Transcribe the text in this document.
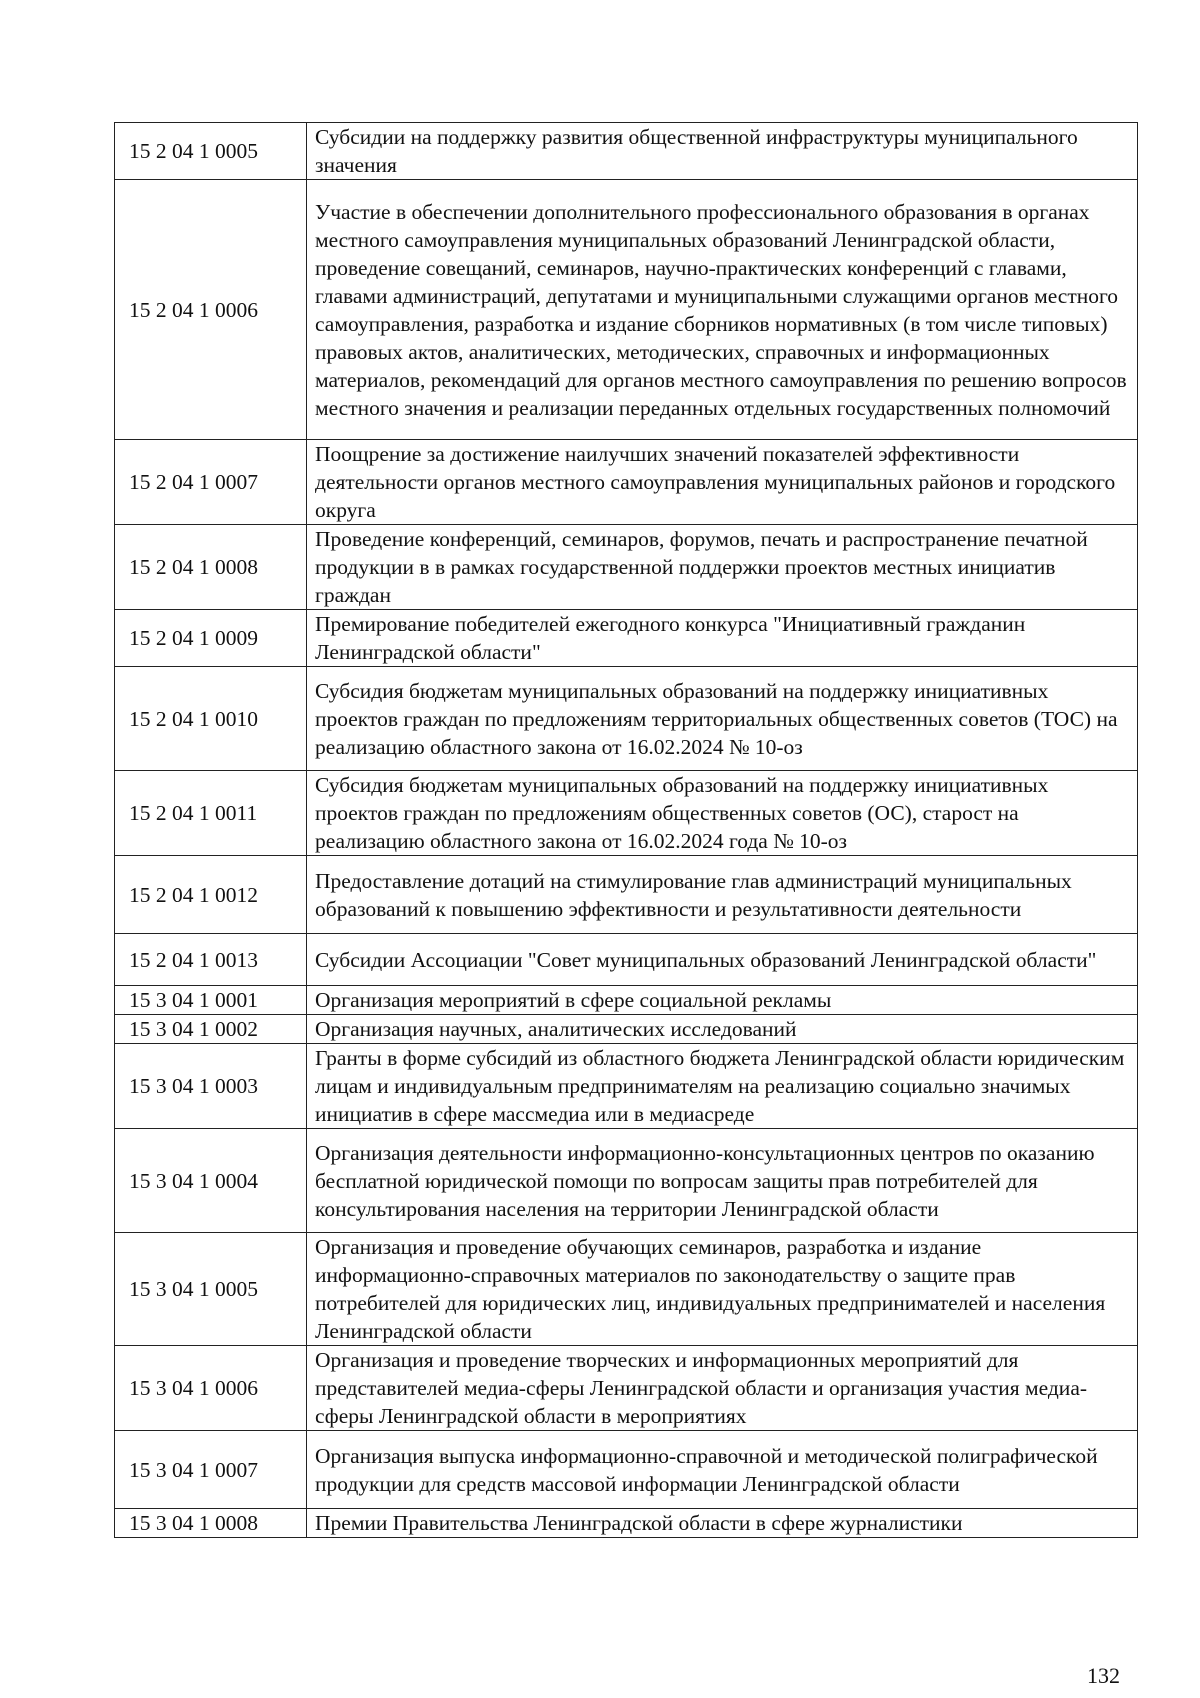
15 2 04 1 0005	Субсидии на поддержку развития общественной инфраструктуры муниципального значения
15 2 04 1 0006	Участие в обеспечении дополнительного профессионального образования в органах местного самоуправления муниципальных образований Ленинградской области, проведение совещаний, семинаров, научно-практических конференций с главами, главами администраций, депутатами и муниципальными служащими органов местного самоуправления, разработка и издание сборников нормативных (в том числе типовых) правовых актов, аналитических, методических, справочных и информационных материалов, рекомендаций для органов местного самоуправления по решению вопросов местного значения и реализации переданных отдельных государственных полномочий
15 2 04 1 0007	Поощрение за достижение наилучших значений показателей эффективности деятельности органов местного самоуправления муниципальных районов и городского округа
15 2 04 1 0008	Проведение конференций, семинаров, форумов, печать и распространение печатной продукции в в рамках государственной поддержки проектов местных инициатив граждан
15 2 04 1 0009	Премирование победителей ежегодного конкурса "Инициативный гражданин Ленинградской области"
15 2 04 1 0010	Субсидия бюджетам муниципальных образований на поддержку инициативных проектов граждан по предложениям территориальных общественных советов (ТОС) на реализацию областного закона от 16.02.2024 № 10-оз
15 2 04 1 0011	Субсидия бюджетам муниципальных образований на поддержку инициативных проектов граждан по предложениям общественных советов (ОС), старост на реализацию областного закона от 16.02.2024 года № 10-оз
15 2 04 1 0012	Предоставление дотаций на стимулирование глав администраций муниципальных образований к повышению эффективности и результативности деятельности
15 2 04 1 0013	Субсидии Ассоциации "Совет муниципальных образований Ленинградской области"
15 3 04 1 0001	Организация мероприятий в сфере социальной рекламы
15 3 04 1 0002	Организация научных, аналитических исследований
15 3 04 1 0003	Гранты в форме субсидий из областного бюджета Ленинградской области юридическим лицам и индивидуальным предпринимателям на реализацию социально значимых инициатив в сфере массмедиа или в медиасреде
15 3 04 1 0004	Организация деятельности информационно-консультационных центров по оказанию бесплатной юридической помощи по вопросам защиты прав потребителей для консультирования населения на территории Ленинградской области
15 3 04 1 0005	Организация и проведение обучающих семинаров, разработка и издание информационно-справочных материалов по законодательству о защите прав потребителей для юридических лиц, индивидуальных предпринимателей и населения Ленинградской области
15 3 04 1 0006	Организация и проведение творческих и информационных мероприятий для представителей медиа-сферы Ленинградской области и организация участия медиа-сферы Ленинградской области в мероприятиях
15 3 04 1 0007	Организация выпуска информационно-справочной и методической полиграфической продукции для средств массовой информации Ленинградской области
15 3 04 1 0008	Премии Правительства Ленинградской области в сфере журналистики
132
